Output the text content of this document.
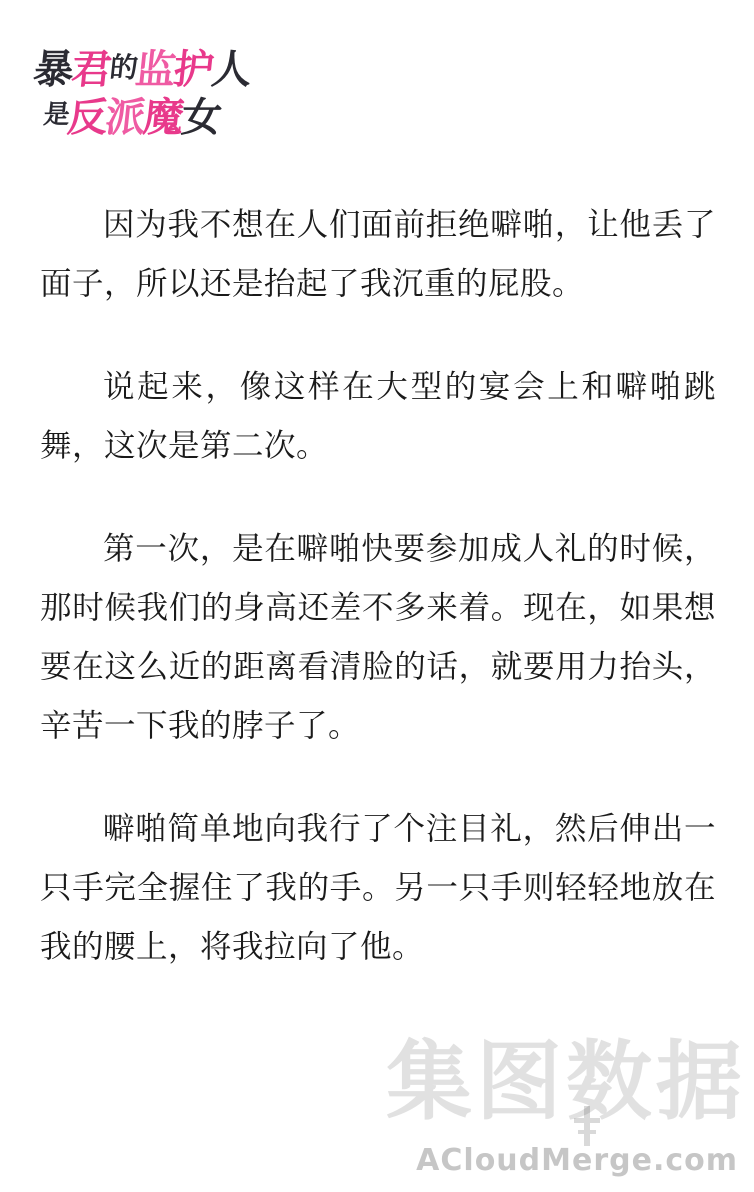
暴君的监护人
是反派魔女

因为我不想在人们面前拒绝噼啪，让他丢了面子，所以还是抬起了我沉重的屁股。

说起来，像这样在大型的宴会上和噼啪跳舞，这次是第二次。

第一次，是在噼啪快要参加成人礼的时候，那时候我们的身高还差不多来着。现在，如果想要在这么近的距离看清脸的话，就要用力抬头，辛苦一下我的脖子了。

噼啪简单地向我行了个注目礼，然后伸出一只手完全握住了我的手。另一只手则轻轻地放在我的腰上，将我拉向了他。

集图数据
ACloudMerge.com
